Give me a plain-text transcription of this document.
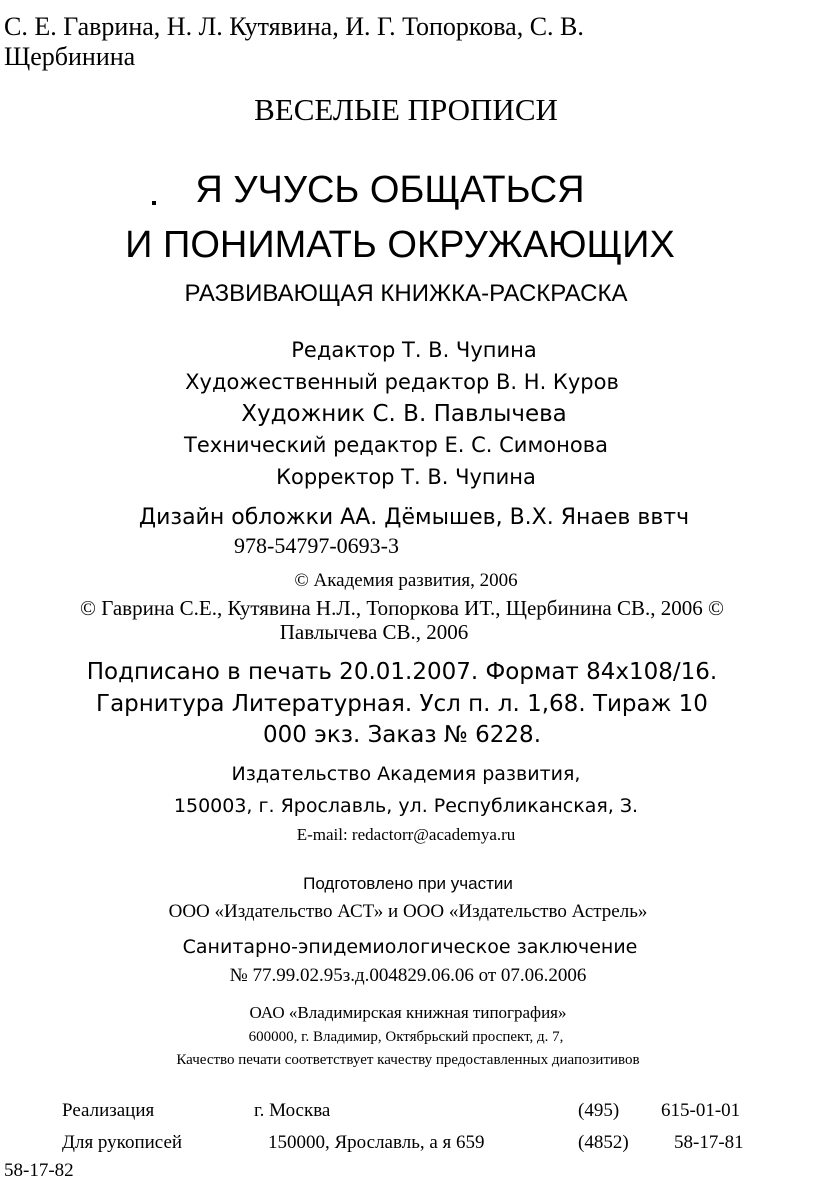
С. Е. Гаврина, Н. Л. Кутявина, И. Г. Топоркова, С. В.
Щербинина
ВЕСЕЛЫЕ ПРОПИСИ
Я УЧУСЬ ОБЩАТЬСЯ
И ПОНИМАТЬ ОКРУЖАЮЩИХ
РАЗВИВАЮЩАЯ КНИЖКА-РАСКРАСКА
Редактор Т. В. Чупина
Художественный редактор В. Н. Куров
Художник С. В. Павлычева
Технический редактор Е. С. Симонова
Корректор Т. В. Чупина
Дизайн обложки АА. Дёмышев, В.Х. Янаев ввтч
978-54797-0693-3
© Академия развития, 2006
© Гаврина С.Е., Кутявина Н.Л., Топоркова ИТ., Щербинина СВ., 2006 ©
Павлычева СВ., 2006
Подписано в печать 20.01.2007. Формат 84x108/16.
Гарнитура Литературная. Усл п. л. 1,68. Тираж 10
000 экз. Заказ № 6228.
Издательство Академия развития,
150003, г. Ярославль, ул. Республиканская, З.
E-mail: redactorr@academya.ru
Подготовлено при участии
ООО «Издательство АСТ» и ООО «Издательство Астрель»
Санитарно-эпидемиологическое заключение
№ 77.99.02.95з.д.004829.06.06 от 07.06.2006
ОАО «Владимирская книжная типография»
600000, г. Владимир, Октябрьский проспект, д. 7,
Качество печати соответствует качеству предоставленных диапозитивов
Реализация	г. Москва	(495) 615-01-01
Для рукописей	150000, Ярославль, а я 659	(4852) 58-17-81
58-17-82
